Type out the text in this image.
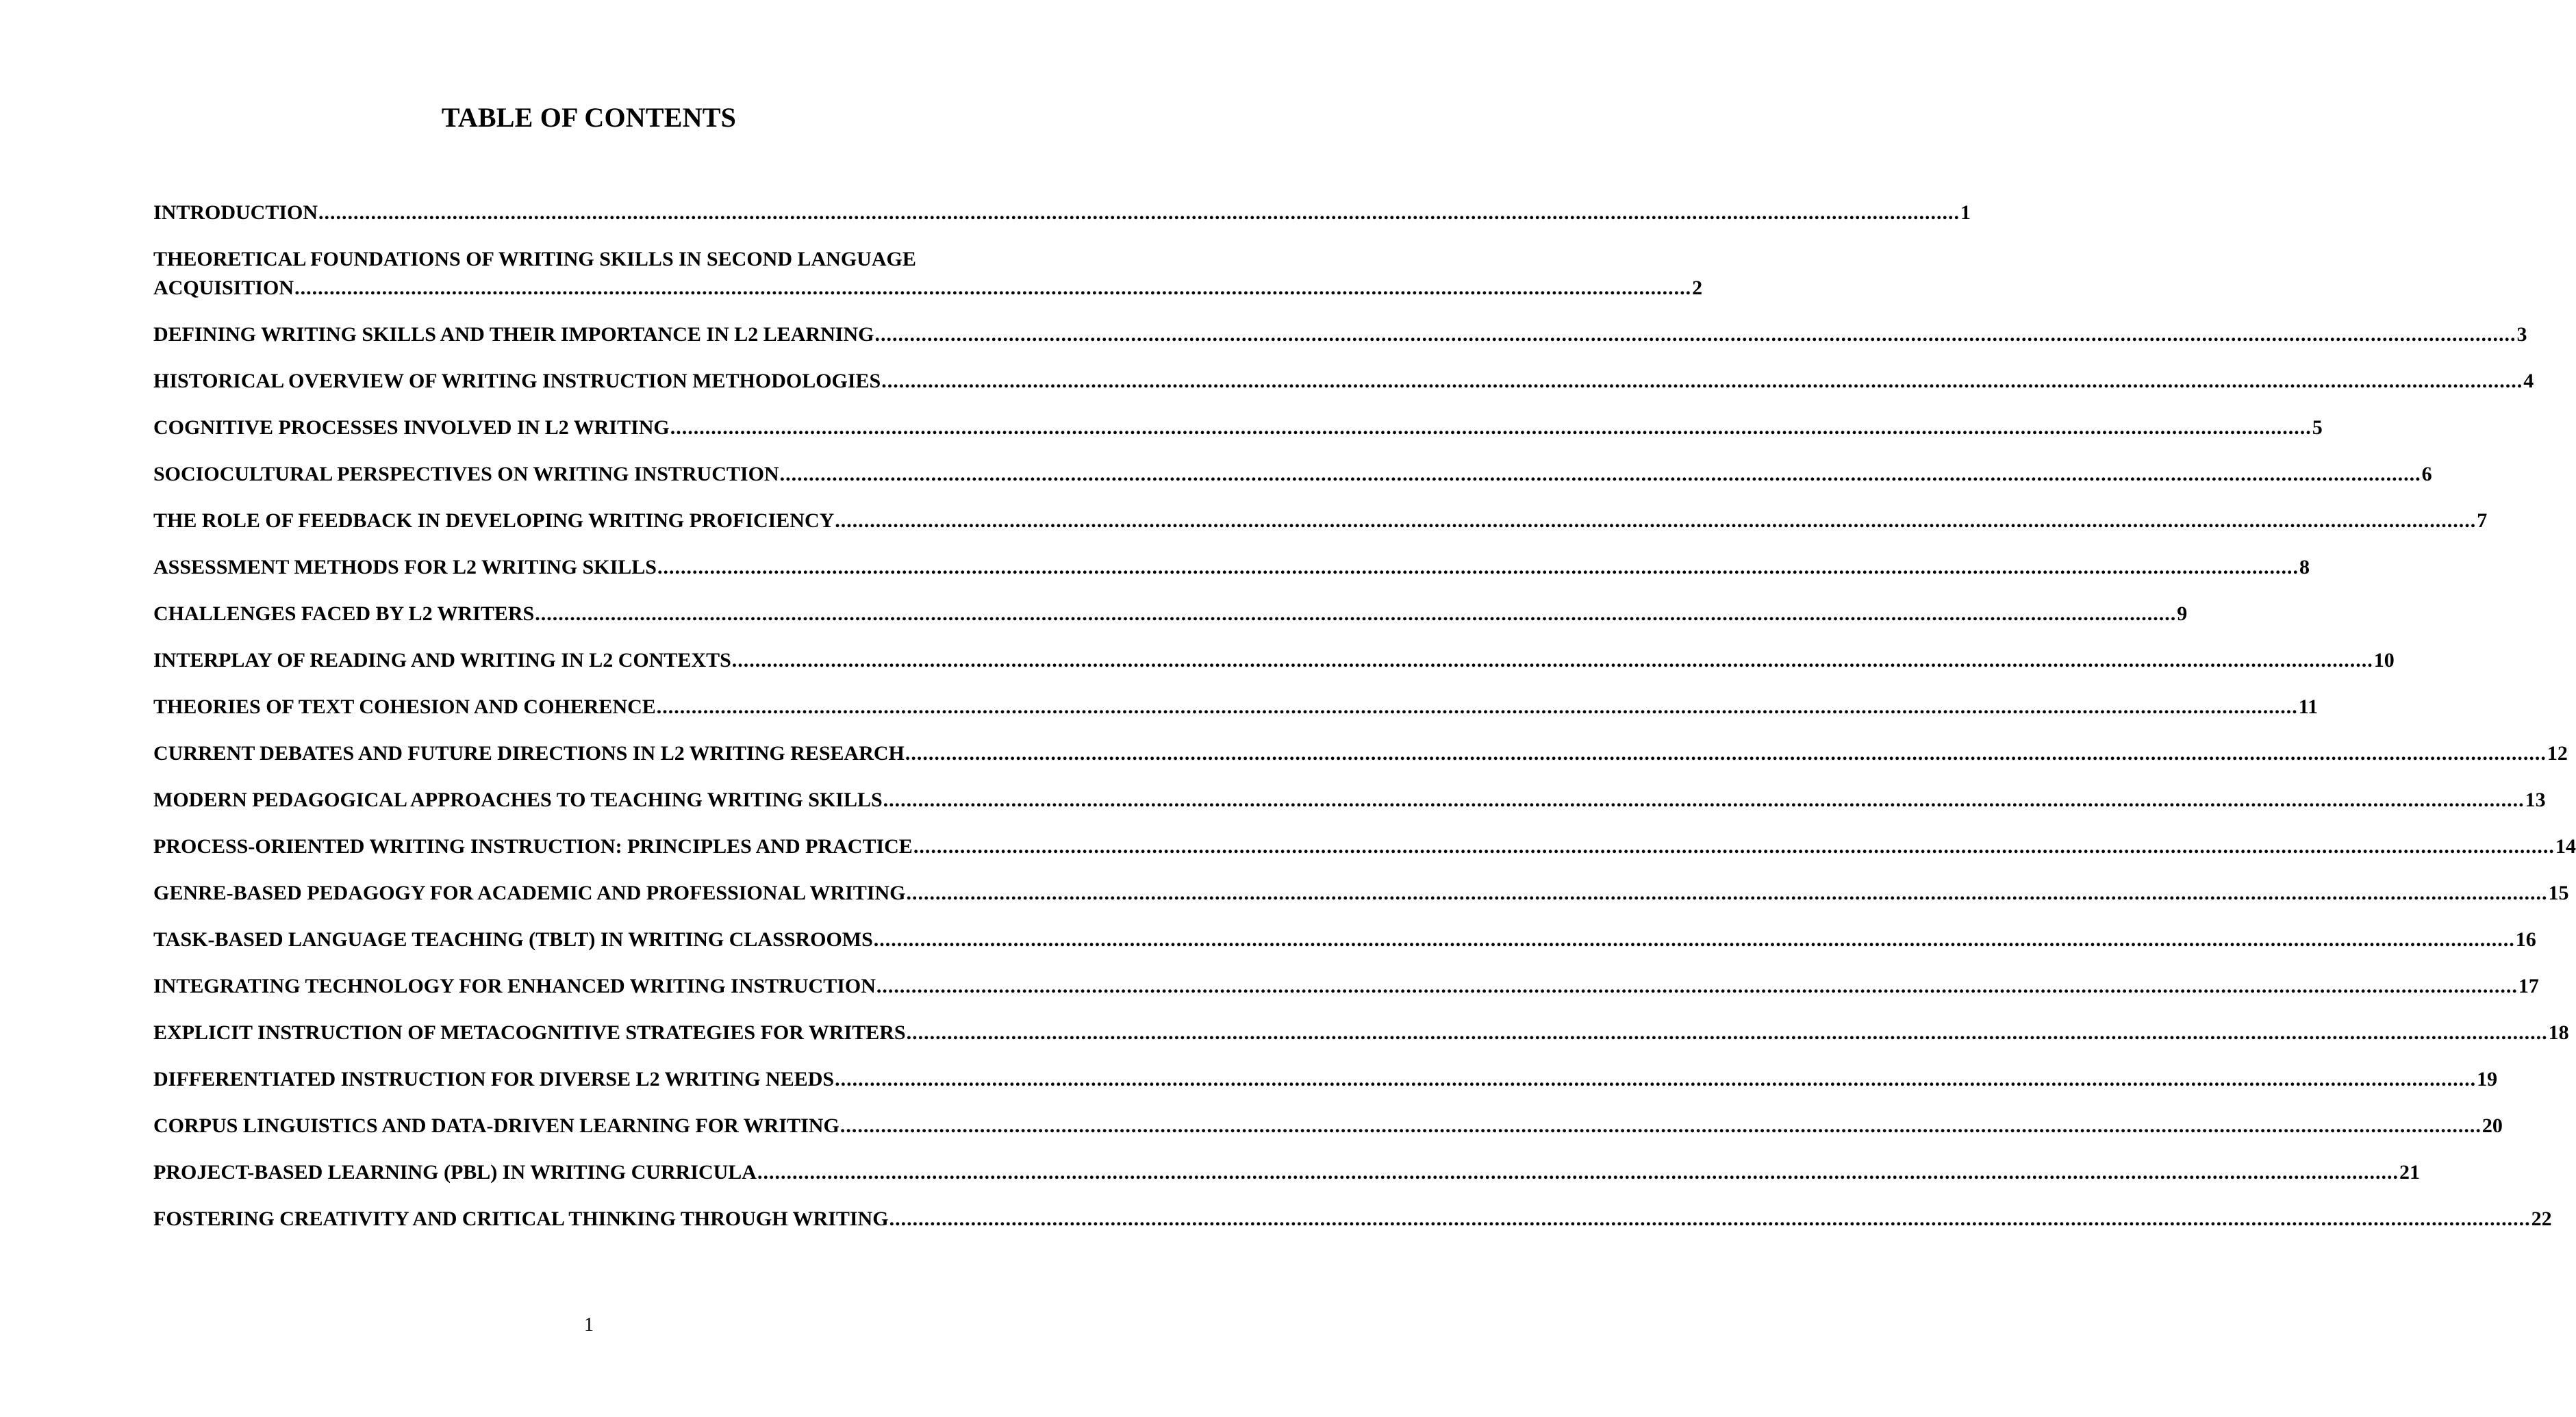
TABLE OF CONTENTS
INTRODUCTION .....	1
THEORETICAL FOUNDATIONS OF WRITING SKILLS IN SECOND LANGUAGE
ACQUISITION ................................................................................................................................................................................................................................................ 2
DEFINING WRITING SKILLS AND THEIR IMPORTANCE IN L2 LEARNING .....	3
HISTORICAL OVERVIEW OF WRITING INSTRUCTION METHODOLOGIES .....	4
COGNITIVE PROCESSES INVOLVED IN L2 WRITING .....	5
SOCIOCULTURAL PERSPECTIVES ON WRITING INSTRUCTION .....	6
THE ROLE OF FEEDBACK IN DEVELOPING WRITING PROFICIENCY .....	7
ASSESSMENT METHODS FOR L2 WRITING SKILLS .....	8
CHALLENGES FACED BY L2 WRITERS .....	9
INTERPLAY OF READING AND WRITING IN L2 CONTEXTS .....	10
THEORIES OF TEXT COHESION AND COHERENCE .....	11
CURRENT DEBATES AND FUTURE DIRECTIONS IN L2 WRITING RESEARCH .....	12
MODERN PEDAGOGICAL APPROACHES TO TEACHING WRITING SKILLS .....	13
PROCESS-ORIENTED WRITING INSTRUCTION: PRINCIPLES AND PRACTICE .....	14
GENRE-BASED PEDAGOGY FOR ACADEMIC AND PROFESSIONAL WRITING .....	15
TASK-BASED LANGUAGE TEACHING (TBLT) IN WRITING CLASSROOMS .....	16
INTEGRATING TECHNOLOGY FOR ENHANCED WRITING INSTRUCTION .....	17
EXPLICIT INSTRUCTION OF METACOGNITIVE STRATEGIES FOR WRITERS .....	18
DIFFERENTIATED INSTRUCTION FOR DIVERSE L2 WRITING NEEDS .....	19
CORPUS LINGUISTICS AND DATA-DRIVEN LEARNING FOR WRITING .....	20
PROJECT-BASED LEARNING (PBL) IN WRITING CURRICULA .....	21
FOSTERING CREATIVITY AND CRITICAL THINKING THROUGH WRITING .....	22
1
